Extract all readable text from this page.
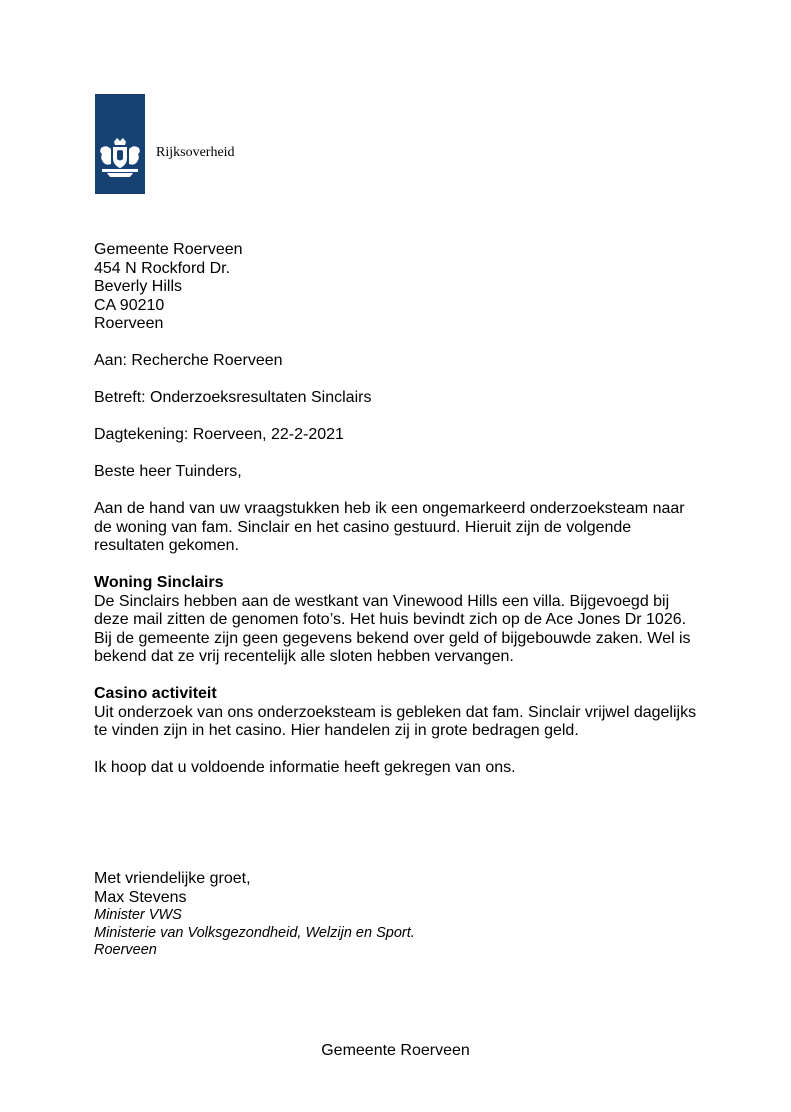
Rijksoverheid

Gemeente Roerveen

454 N Rockford Dr.

Beverly Hills

CA 90210

Roerveen

Aan: Recherche Roerveen

Betreft: Onderzoeksresultaten Sinclairs

Dagtekening: Roerveen, 22-2-2021

Beste heer Tuinders,

Aan de hand van uw vraagstukken heb ik een ongemarkeerd onderzoeksteam naar

de woning van fam. Sinclair en het casino gestuurd. Hieruit zijn de volgende

resultaten gekomen.

Woning Sinclairs

De Sinclairs hebben aan de westkant van Vinewood Hills een villa. Bijgevoegd bij

deze mail zitten de genomen foto’s. Het huis bevindt zich op de Ace Jones Dr 1026.

Bij de gemeente zijn geen gegevens bekend over geld of bijgebouwde zaken. Wel is

bekend dat ze vrij recentelijk alle sloten hebben vervangen.

Casino activiteit

Uit onderzoek van ons onderzoeksteam is gebleken dat fam. Sinclair vrijwel dagelijks

te vinden zijn in het casino. Hier handelen zij in grote bedragen geld.

Ik hoop dat u voldoende informatie heeft gekregen van ons.

Met vriendelijke groet,

Max Stevens

Minister VWS

Ministerie van Volksgezondheid, Welzijn en Sport.

Roerveen

Gemeente Roerveen
